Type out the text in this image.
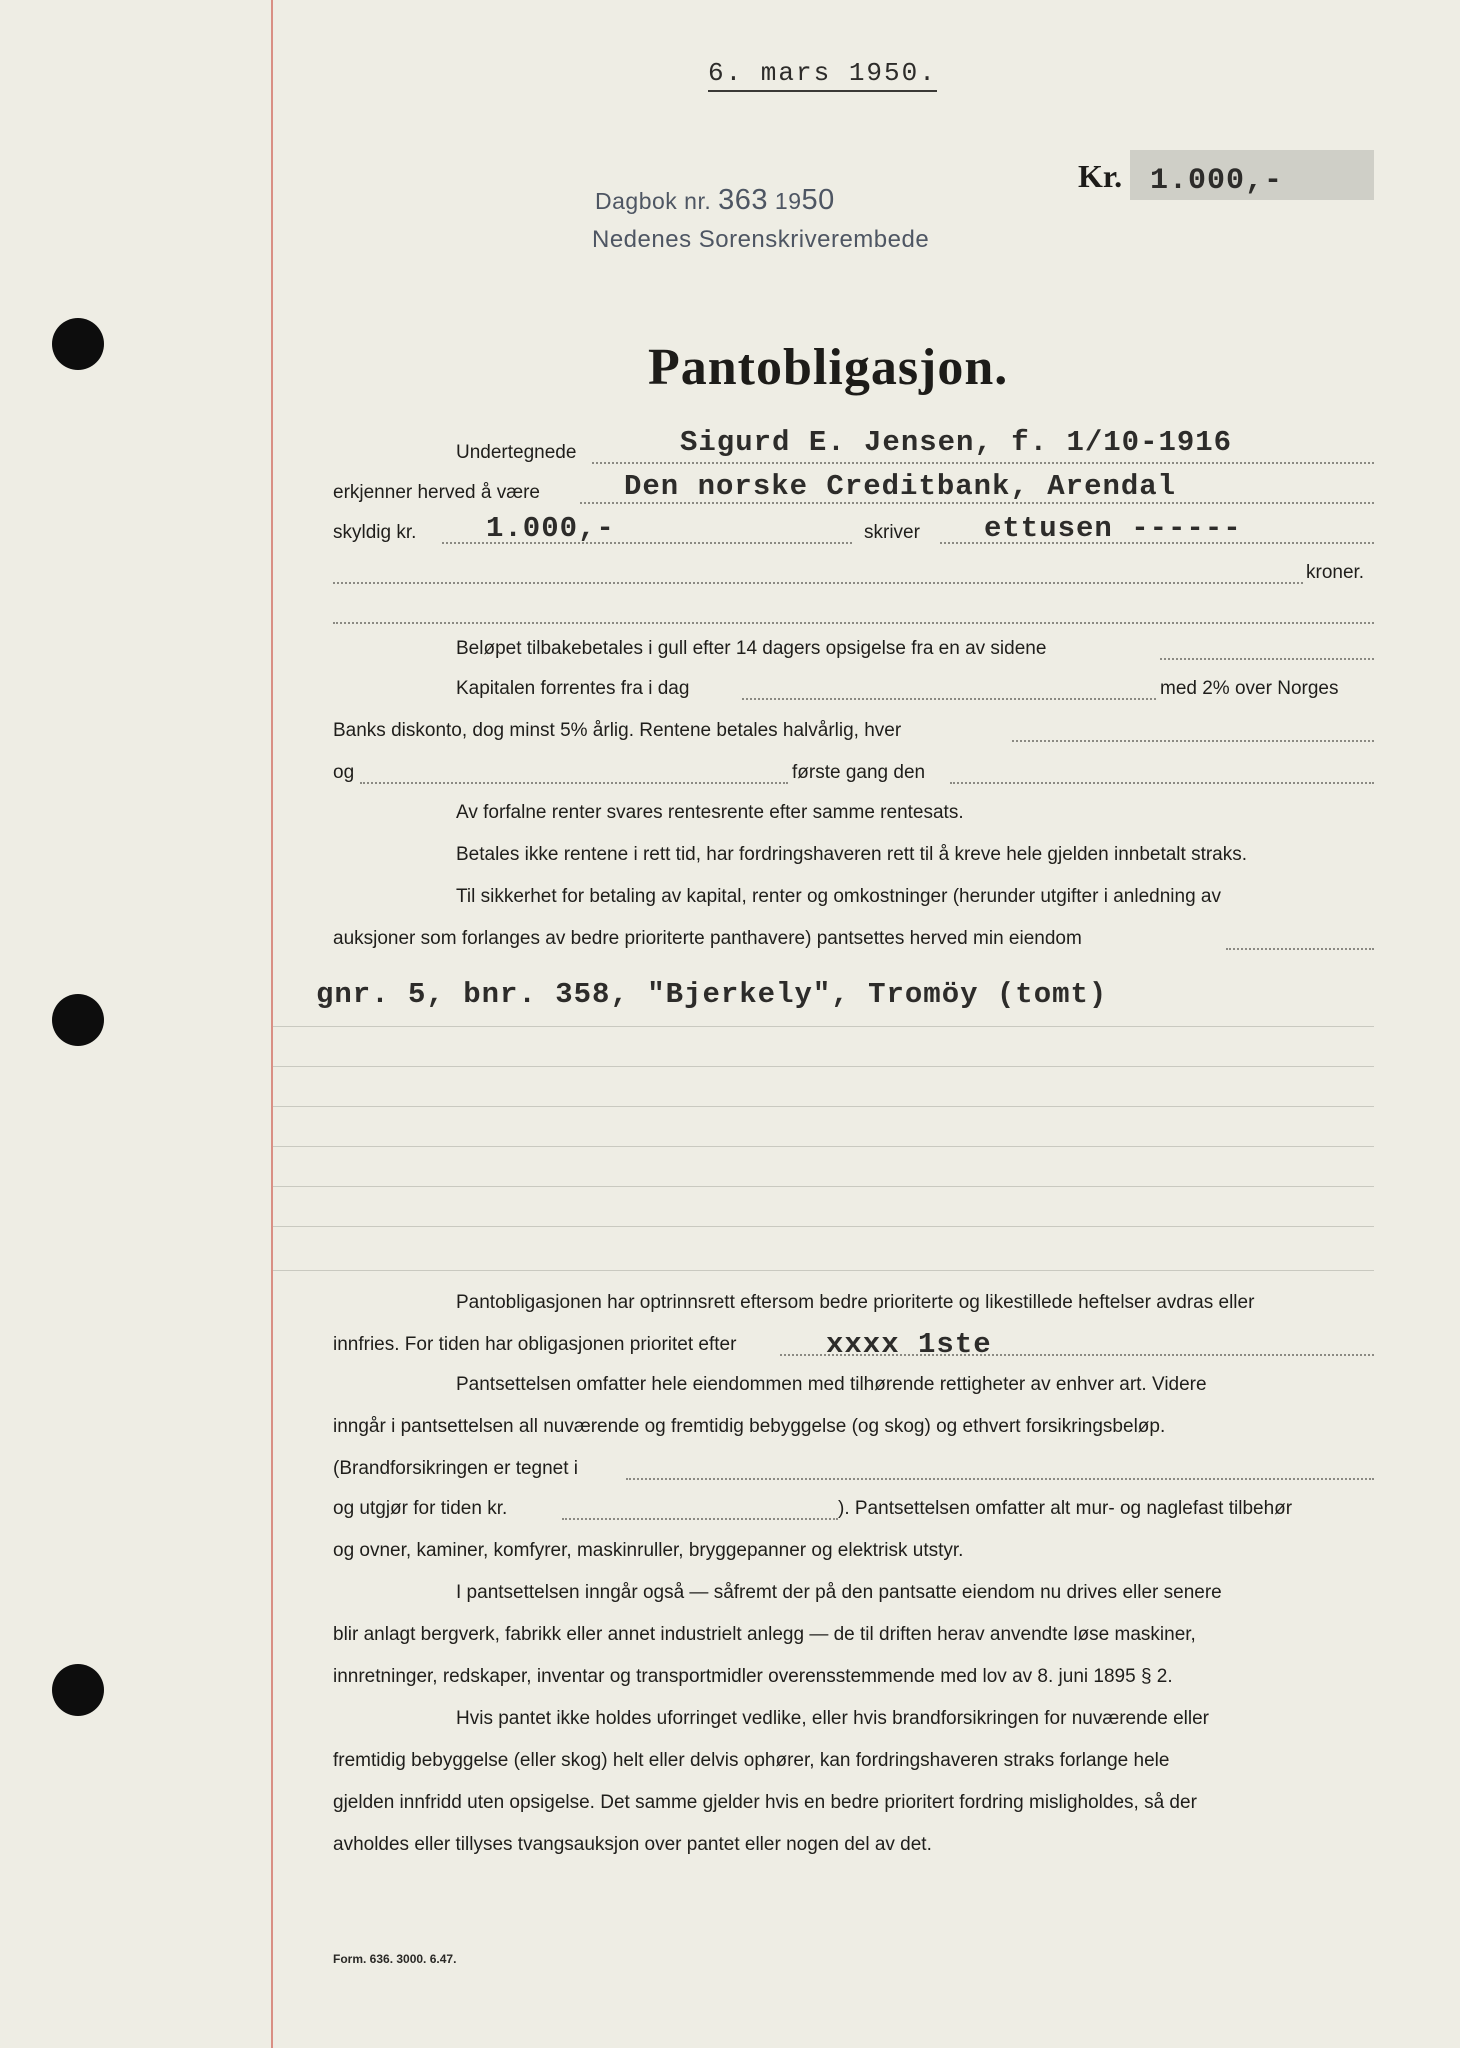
6. mars 1950.
Dagbok nr. 363 1950
Nedenes Sorenskriverembede
Kr. 1.000,-
Pantobligasjon.
Undertegnede	Sigurd E. Jensen, f. 1/10-1916
erkjenner herved å være	Den norske Creditbank, Arendal
skyldig kr. 1.000,-	skriver ettusen ------
kroner.
Beløpet tilbakebetales i gull efter 14 dagers opsigelse fra en av sidene
Kapitalen forrentes fra i dag	med 2% over Norges
Banks diskonto, dog minst 5% årlig. Rentene betales halvårlig, hver
og	første gang den
Av forfalne renter svares rentesrente efter samme rentesats.
Betales ikke rentene i rett tid, har fordringshaveren rett til å kreve hele gjelden innbetalt straks.
Til sikkerhet for betaling av kapital, renter og omkostninger (herunder utgifter i anledning av
auksjoner som forlanges av bedre prioriterte panthavere) pantsettes herved min eiendom
gnr. 5, bnr. 358, "Bjerkely", Tromöy (tomt)
Pantobligasjonen har optrinnsrett eftersom bedre prioriterte og likestillede heftelser avdras eller
innfries. For tiden har obligasjonen prioritet efter	xxxx 1ste
Pantsettelsen omfatter hele eiendommen med tilhørende rettigheter av enhver art. Videre
inngår i pantsettelsen all nuværende og fremtidig bebyggelse (og skog) og ethvert forsikringsbeløp.
(Brandforsikringen er tegnet i
og utgjør for tiden kr.	). Pantsettelsen omfatter alt mur- og naglefast tilbehør
og ovner, kaminer, komfyrer, maskinruller, bryggepanner og elektrisk utstyr.
I pantsettelsen inngår også — såfremt der på den pantsatte eiendom nu drives eller senere
blir anlagt bergverk, fabrikk eller annet industrielt anlegg — de til driften herav anvendte løse maskiner,
innretninger, redskaper, inventar og transportmidler overensstemmende med lov av 8. juni 1895 § 2.
Hvis pantet ikke holdes uforringet vedlike, eller hvis brandforsikringen for nuværende eller
fremtidig bebyggelse (eller skog) helt eller delvis ophører, kan fordringshaveren straks forlange hele
gjelden innfridd uten opsigelse. Det samme gjelder hvis en bedre prioritert fordring misligholdes, så der
avholdes eller tillyses tvangsauksjon over pantet eller nogen del av det.
Form. 636. 3000. 6.47.
